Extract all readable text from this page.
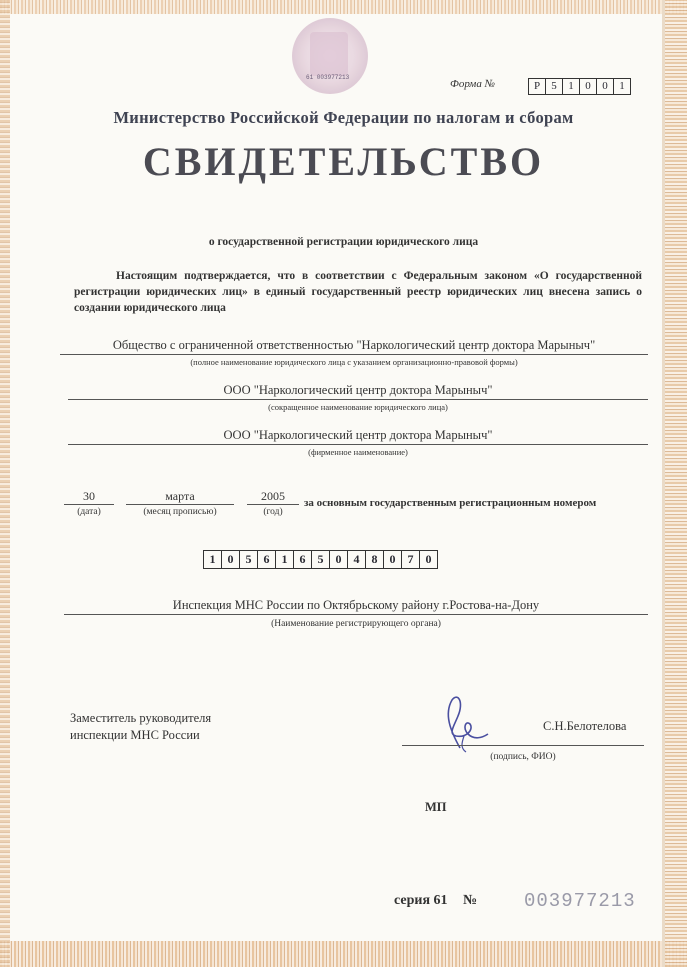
61 003977213
Форма №	Р	5	1	0	0	1
Министерство Российской Федерации по налогам и сборам
СВИДЕТЕЛЬСТВО
о государственной регистрации юридического лица
Настоящим подтверждается, что в соответствии с Федеральным законом «О государственной регистрации юридических лиц» в единый государственный реестр юридических лиц внесена запись о создании юридического лица
Общество с ограниченной ответственностью "Наркологический центр доктора Марыныч"
(полное наименование юридического лица с указанием организационно-правовой формы)
ООО "Наркологический центр доктора Марыныч"
(сокращенное наименование юридического лица)
ООО "Наркологический центр доктора Марыныч"
(фирменное наименование)
30
(дата)
марта
(месяц прописью)
2005
(год)
за основным государственным регистрационным номером
1	0	5	6	1	6	5	0	4	8	0	7	0
Инспекция МНС России по Октябрьскому району г.Ростова-на-Дону
(Наименование регистрирующего органа)
Заместитель руководителя
инспекции МНС России
С.Н.Белотелова
(подпись, ФИО)
МП
серия 61 № 003977213
